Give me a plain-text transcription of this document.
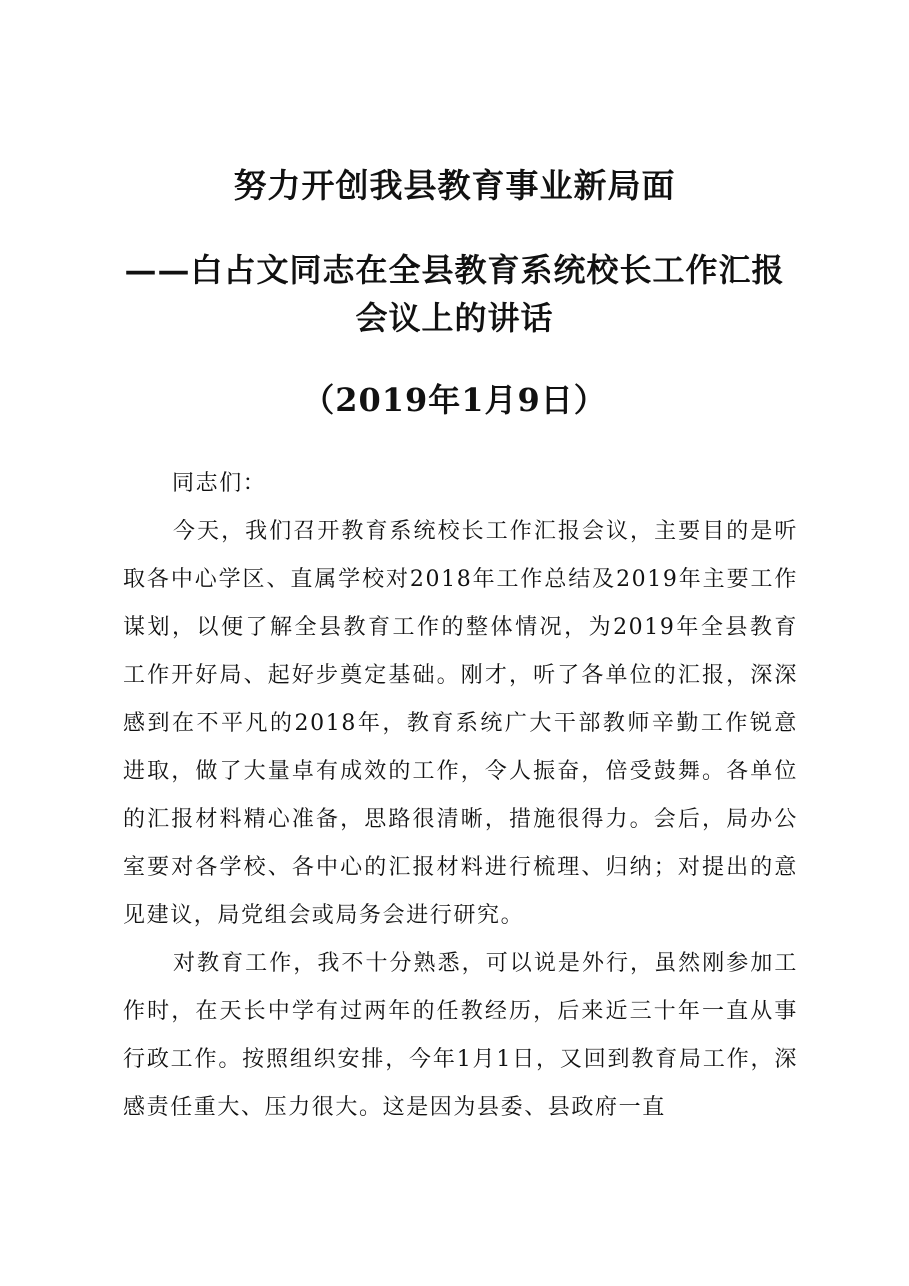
努力开创我县教育事业新局面
——白占文同志在全县教育系统校长工作汇报
会议上的讲话
（2019年1月9日）

同志们：

今天，我们召开教育系统校长工作汇报会议，主要目的是听取各中心学区、直属学校对2018年工作总结及2019年主要工作谋划，以便了解全县教育工作的整体情况，为2019年全县教育工作开好局、起好步奠定基础。刚才，听了各单位的汇报，深深感到在不平凡的2018年，教育系统广大干部教师辛勤工作锐意进取，做了大量卓有成效的工作，令人振奋，倍受鼓舞。各单位的汇报材料精心准备，思路很清晰，措施很得力。会后，局办公室要对各学校、各中心的汇报材料进行梳理、归纳；对提出的意见建议，局党组会或局务会进行研究。

对教育工作，我不十分熟悉，可以说是外行，虽然刚参加工作时，在天长中学有过两年的任教经历，后来近三十年一直从事行政工作。按照组织安排，今年1月1日，又回到教育局工作，深感责任重大、压力很大。这是因为县委、县政府一直
